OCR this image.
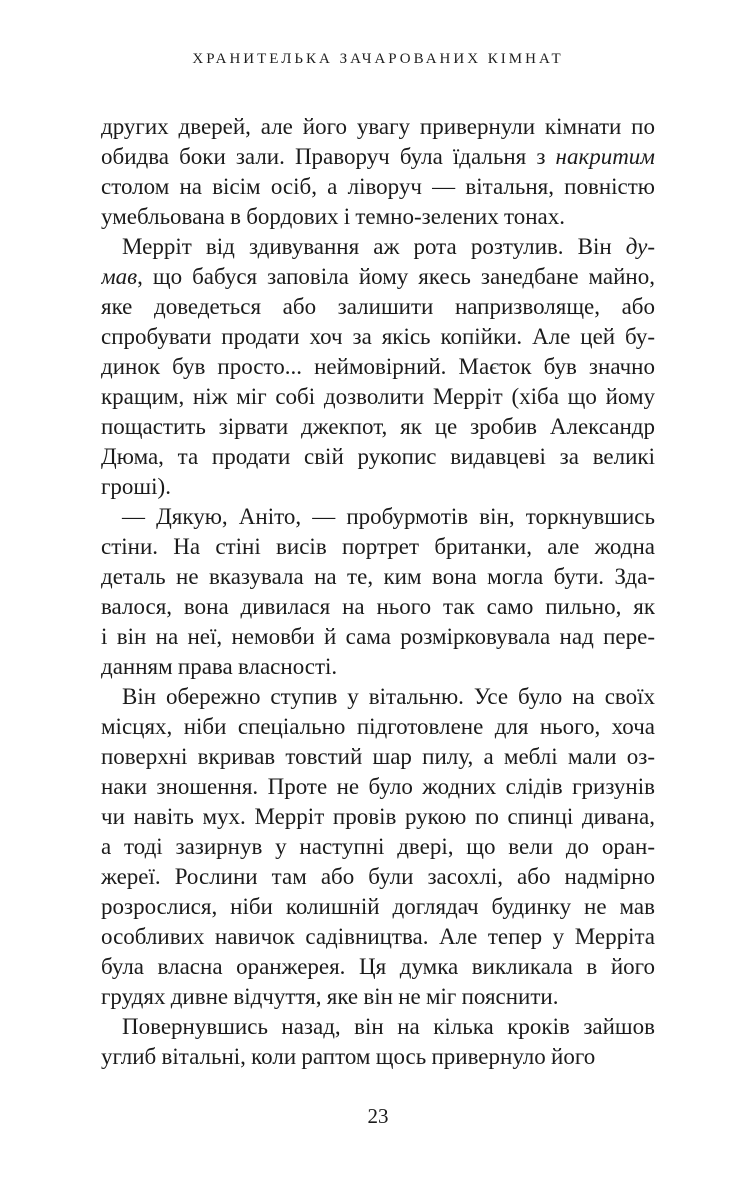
ХРАНИТЕЛЬКА ЗАЧАРОВАНИХ КІМНАТ
других дверей, але його увагу привернули кімнати по
обидва боки зали. Праворуч була їдальня з накритим
столом на вісім осіб, а ліворуч — вітальня, повністю
умебльована в бордових і темно-зелених тонах.
Мерріт від здивування аж рота розтулив. Він ду-
мав, що бабуся заповіла йому якесь занедбане майно,
яке доведеться або залишити напризволяще, або
спробувати продати хоч за якісь копійки. Але цей бу-
динок був просто... неймовірний. Маєток був значно
кращим, ніж міг собі дозволити Мерріт (хіба що йому
пощастить зірвати джекпот, як це зробив Александр
Дюма, та продати свій рукопис видавцеві за великі
гроші).
— Дякую, Аніто, — пробурмотів він, торкнувшись
стіни. На стіні висів портрет британки, але жодна
деталь не вказувала на те, ким вона могла бути. Зда-
валося, вона дивилася на нього так само пильно, як
і він на неї, немовби й сама розмірковувала над пере-
данням права власності.
Він обережно ступив у вітальню. Усе було на своїх
місцях, ніби спеціально підготовлене для нього, хоча
поверхні вкривав товстий шар пилу, а меблі мали оз-
наки зношення. Проте не було жодних слідів гризунів
чи навіть мух. Мерріт провів рукою по спинці дивана,
а тоді зазирнув у наступні двері, що вели до оран-
жереї. Рослини там або були засохлі, або надмірно
розрослися, ніби колишній доглядач будинку не мав
особливих навичок садівництва. Але тепер у Мерріта
була власна оранжерея. Ця думка викликала в його
грудях дивне відчуття, яке він не міг пояснити.
Повернувшись назад, він на кілька кроків зайшов
углиб вітальні, коли раптом щось привернуло його
23
